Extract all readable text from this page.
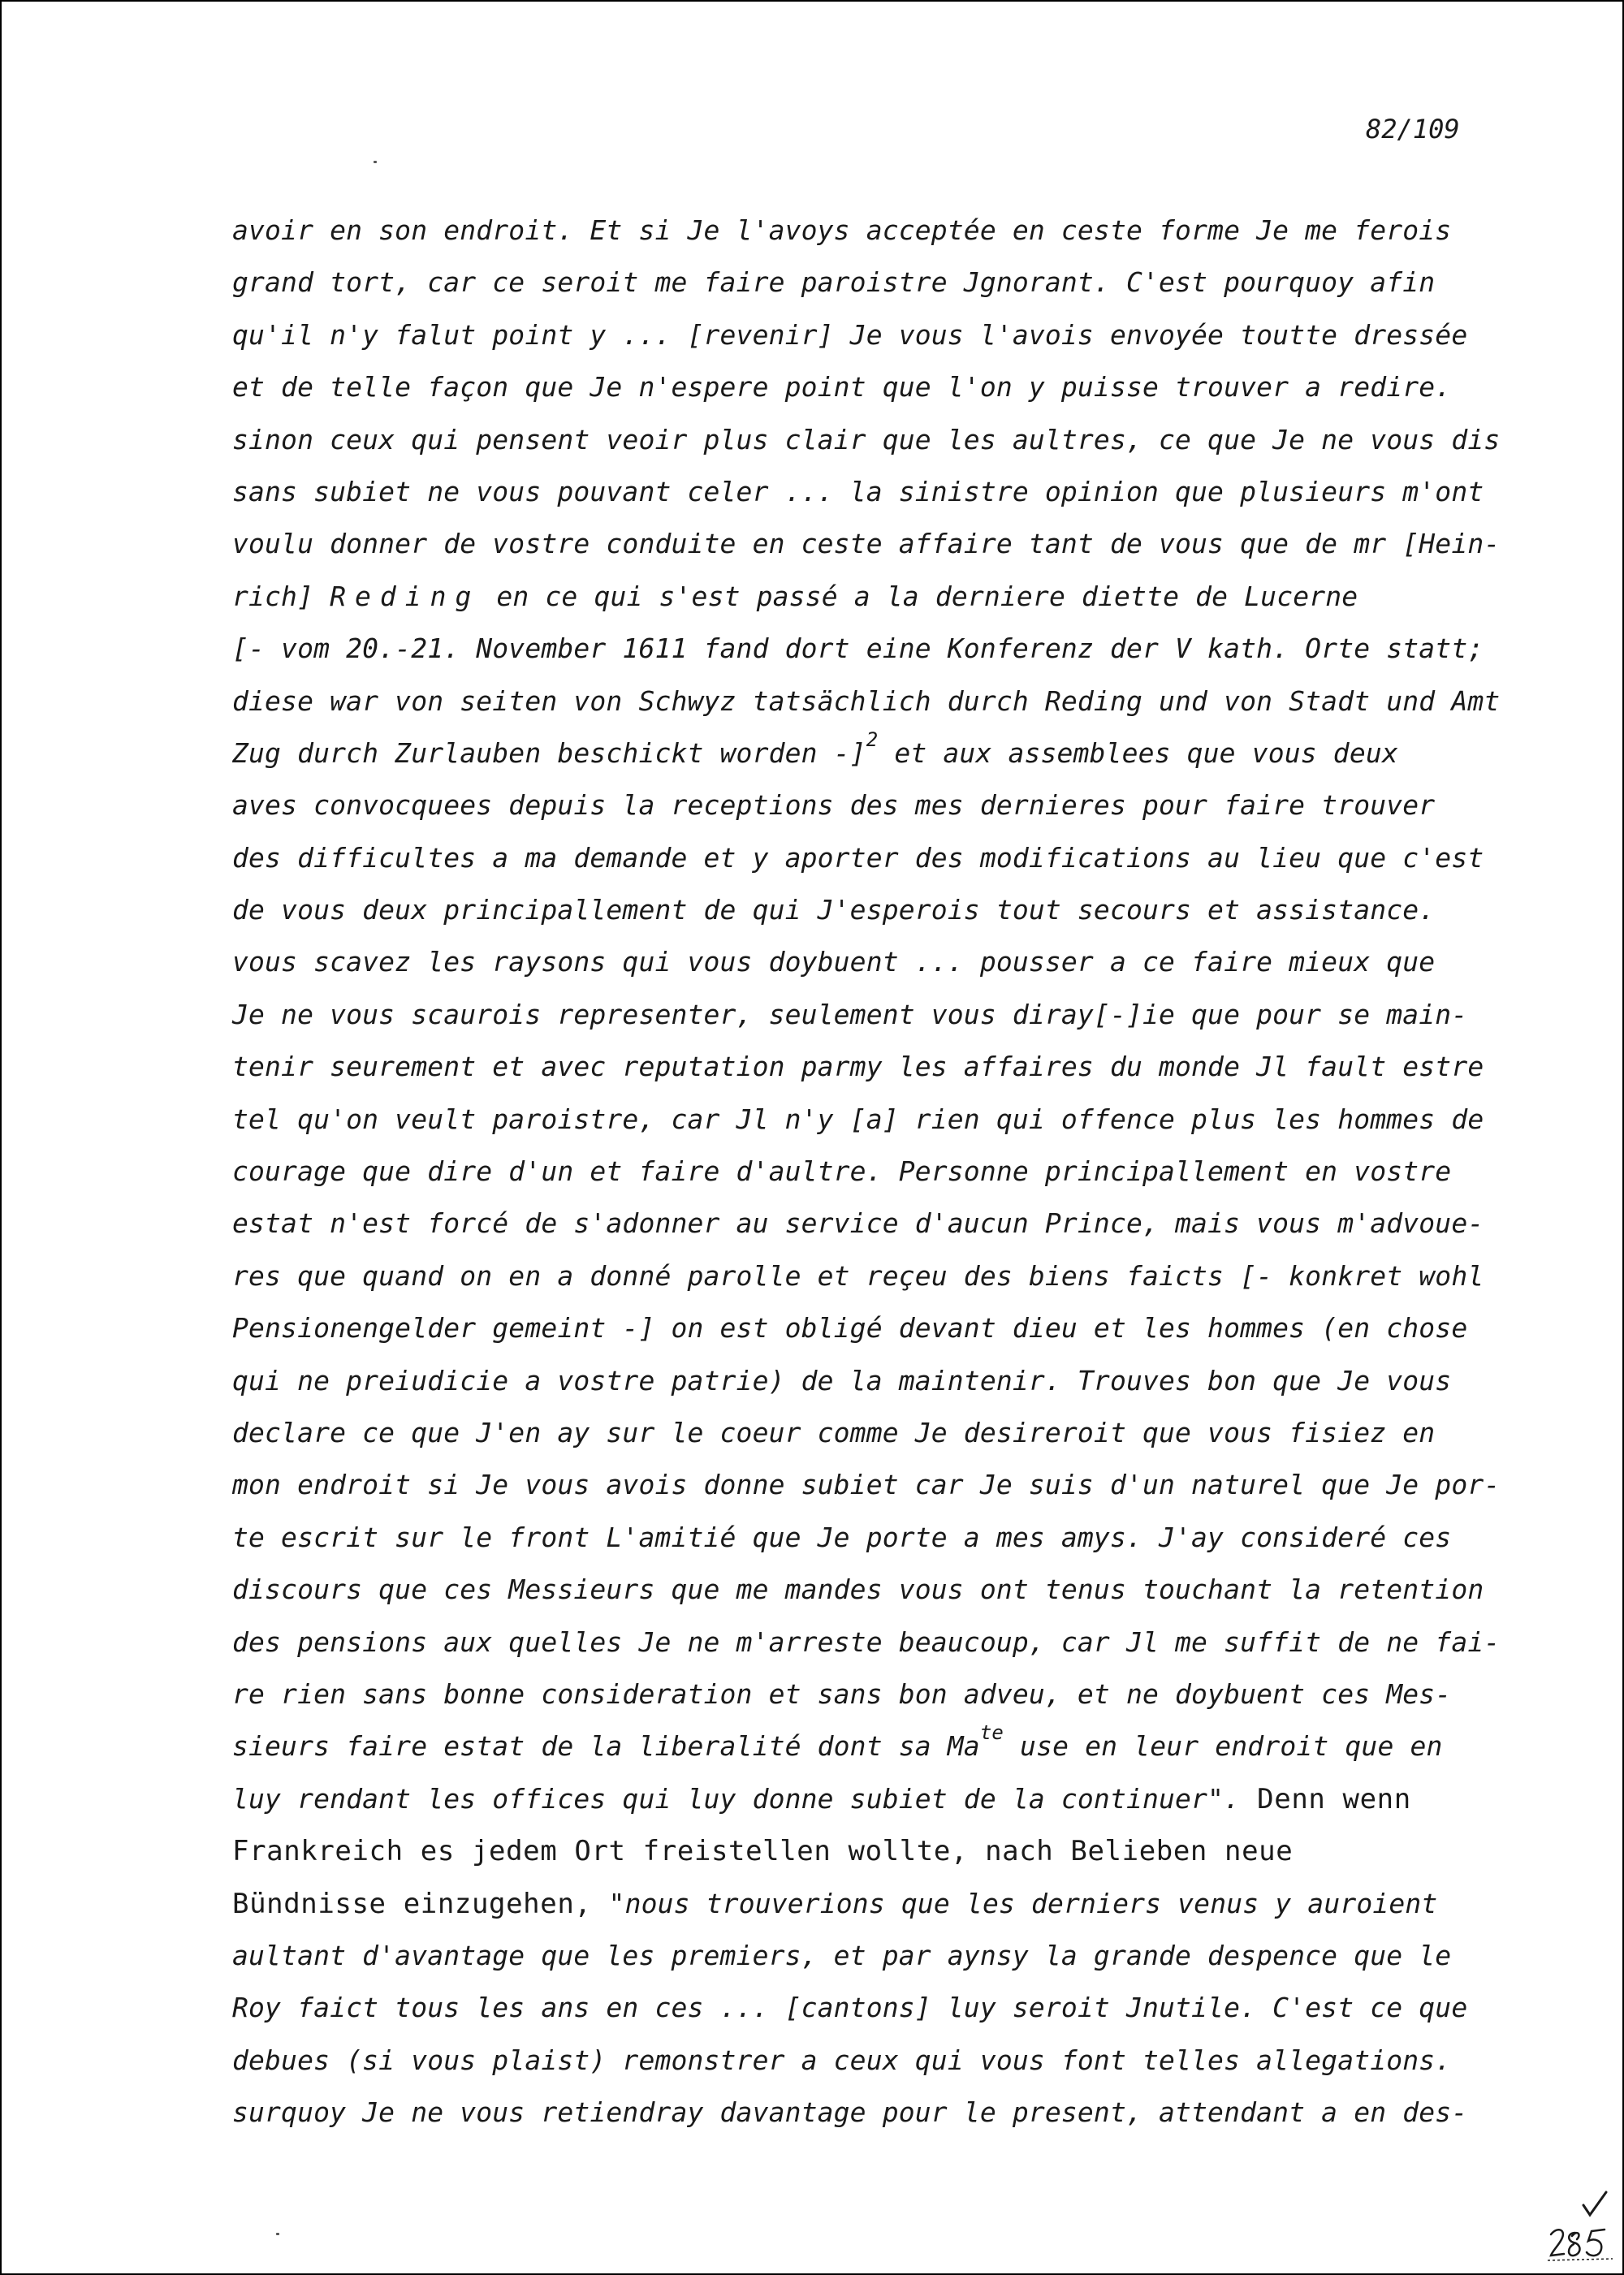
82/109
avoir en son endroit. Et si Je l'avoys acceptée en ceste forme Je me ferois
grand tort, car ce seroit me faire paroistre Jgnorant. C'est pourquoy afin
qu'il n'y falut point y ... [revenir] Je vous l'avois envoyée toutte dressée
et de telle façon que Je n'espere point que l'on y puisse trouver a redire.
sinon ceux qui pensent veoir plus clair que les aultres, ce que Je ne vous dis
sans subiet ne vous pouvant celer ... la sinistre opinion que plusieurs m'ont
voulu donner de vostre conduite en ceste affaire tant de vous que de mr [Hein-
rich] Reding en ce qui s'est passé a la derniere diette de Lucerne
[- vom 20.-21. November 1611 fand dort eine Konferenz der V kath. Orte statt;
diese war von seiten von Schwyz tatsächlich durch Reding und von Stadt und Amt
Zug durch Zurlauben beschickt worden -]$^2$ et aux assemblees que vous deux
aves convocquees depuis la receptions des mes dernieres pour faire trouver
des difficultes a ma demande et y aporter des modifications au lieu que c'est
de vous deux principallement de qui J'esperois tout secours et assistance.
vous scavez les raysons qui vous doybuent ... pousser a ce faire mieux que
Je ne vous scaurois representer, seulement vous diray[-]ie que pour se main-
tenir seurement et avec reputation parmy les affaires du monde Jl fault estre
tel qu'on veult paroistre, car Jl n'y [a] rien qui offence plus les hommes de
courage que dire d'un et faire d'aultre. Personne principallement en vostre
estat n'est forcé de s'adonner au service d'aucun Prince, mais vous m'advoue-
res que quand on en a donné parolle et reçeu des biens faicts [- konkret wohl
Pensionengelder gemeint -] on est obligé devant dieu et les hommes (en chose
qui ne preiudicie a vostre patrie) de la maintenir. Trouves bon que Je vous
declare ce que J'en ay sur le coeur comme Je desireroit que vous fisiez en
mon endroit si Je vous avois donne subiet car Je suis d'un naturel que Je por-
te escrit sur le front L'amitié que Je porte a mes amys. J'ay consideré ces
discours que ces Messieurs que me mandes vous ont tenus touchant la retention
des pensions aux quelles Je ne m'arreste beaucoup, car Jl me suffit de ne fai-
re rien sans bonne consideration et sans bon adveu, et ne doybuent ces Mes-
sieurs faire estat de la liberalité dont sa $Ma^{te}$ use en leur endroit que en
luy rendant les offices qui luy donne subiet de la continuer". Denn wenn
Frankreich es jedem Ort freistellen wollte, nach Belieben neue
Bündnisse einzugehen, "nous trouverions que les derniers venus y auroient
aultant d'avantage que les premiers, et par aynsy la grande despence que le
Roy faict tous les ans en ces ... [cantons] luy seroit Jnutile. C'est ce que
debues (si vous plaist) remonstrer a ceux qui vous font telles allegations.
surquoy Je ne vous retiendray davantage pour le present, attendant a en des-
